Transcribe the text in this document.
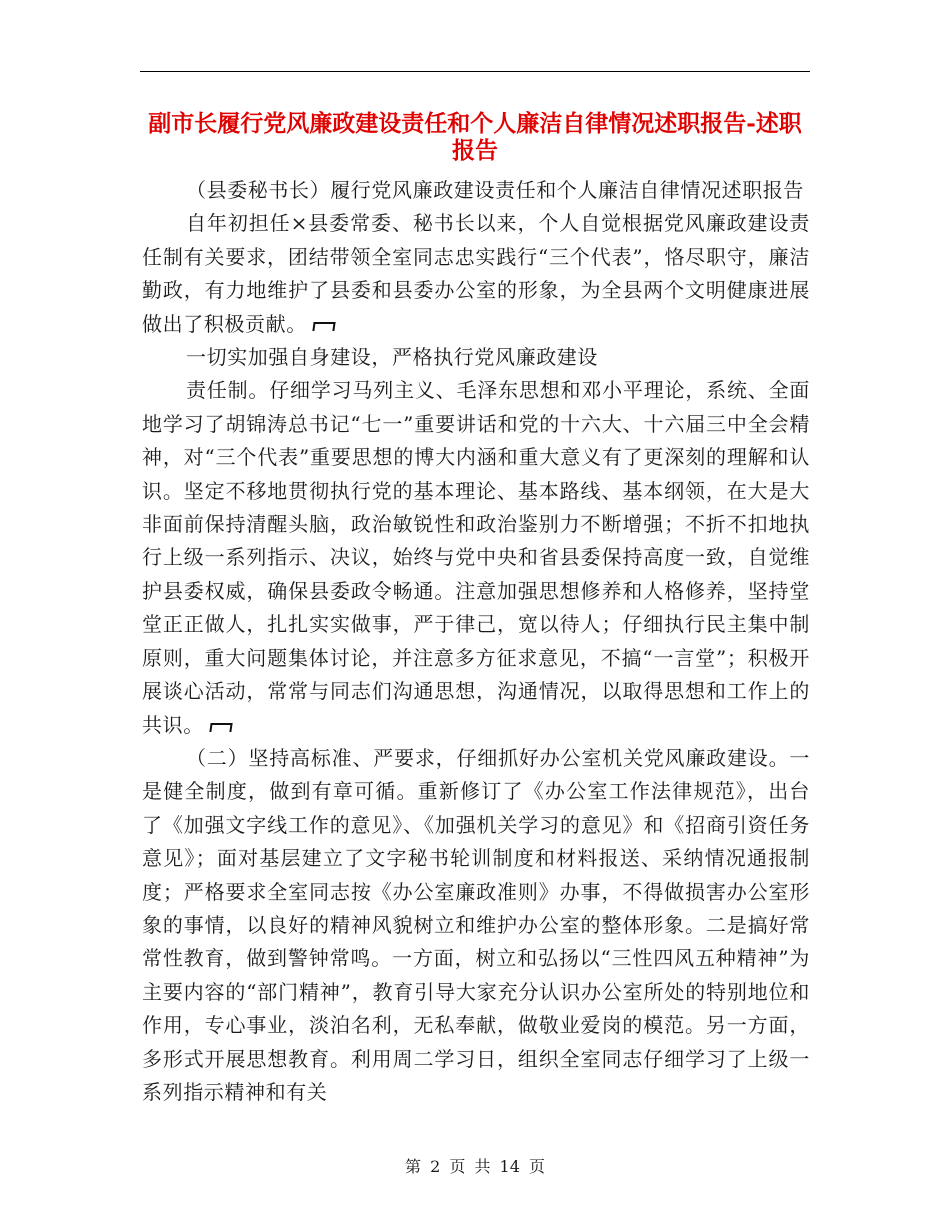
副市长履行党风廉政建设责任和个人廉洁自律情况述职报告-述职报告

（县委秘书长）履行党风廉政建设责任和个人廉洁自律情况述职报告

自年初担任×县委常委、秘书长以来，个人自觉根据党风廉政建设责任制有关要求，团结带领全室同志忠实践行“三个代表”，恪尽职守，廉洁勤政，有力地维护了县委和县委办公室的形象，为全县两个文明健康进展做出了积极贡献。

一切实加强自身建设，严格执行党风廉政建设

责任制。仔细学习马列主义、毛泽东思想和邓小平理论，系统、全面地学习了胡锦涛总书记“七一”重要讲话和党的十六大、十六届三中全会精神，对“三个代表”重要思想的博大内涵和重大意义有了更深刻的理解和认识。坚定不移地贯彻执行党的基本理论、基本路线、基本纲领，在大是大非面前保持清醒头脑，政治敏锐性和政治鉴别力不断增强；不折不扣地执行上级一系列指示、决议，始终与党中央和省县委保持高度一致，自觉维护县委权威，确保县委政令畅通。注意加强思想修养和人格修养，坚持堂堂正正做人，扎扎实实做事，严于律己，宽以待人；仔细执行民主集中制原则，重大问题集体讨论，并注意多方征求意见，不搞“一言堂”；积极开展谈心活动，常常与同志们沟通思想，沟通情况，以取得思想和工作上的共识。

（二）坚持高标准、严要求，仔细抓好办公室机关党风廉政建设。一是健全制度，做到有章可循。重新修订了《办公室工作法律规范》，出台了《加强文字线工作的意见》、《加强机关学习的意见》和《招商引资任务意见》；面对基层建立了文字秘书轮训制度和材料报送、采纳情况通报制度；严格要求全室同志按《办公室廉政准则》办事，不得做损害办公室形象的事情，以良好的精神风貌树立和维护办公室的整体形象。二是搞好常常性教育，做到警钟常鸣。一方面，树立和弘扬以“三性四风五种精神”为主要内容的“部门精神”，教育引导大家充分认识办公室所处的特别地位和作用，专心事业，淡泊名利，无私奉献，做敬业爱岗的模范。另一方面，多形式开展思想教育。利用周二学习日，组织全室同志仔细学习了上级一系列指示精神和有关

第 2 页 共 14 页
